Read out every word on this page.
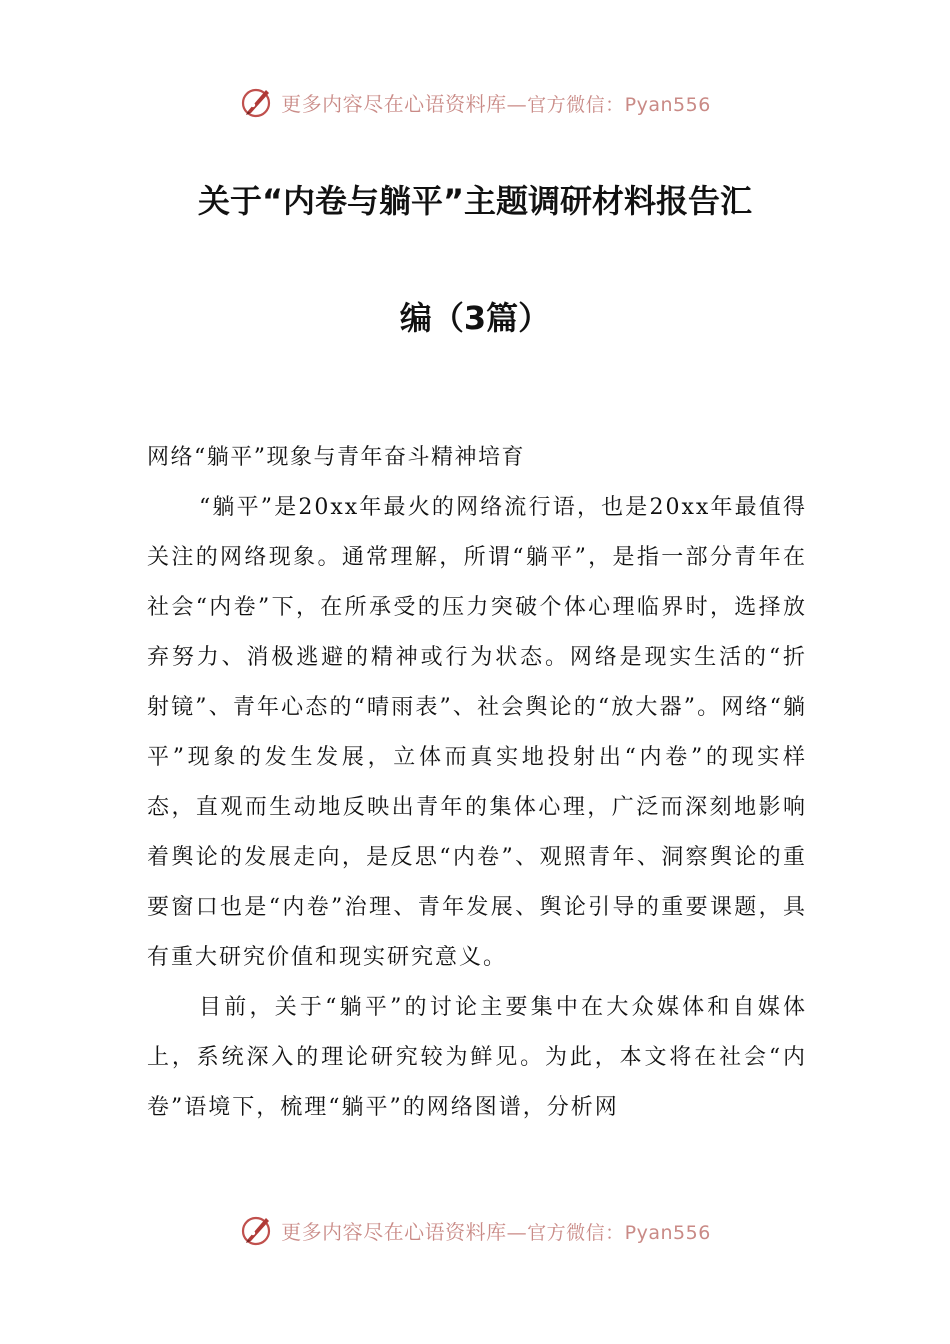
更多内容尽在心语资料库—官方微信：Pyan556
关于“内卷与躺平”主题调研材料报告汇
编（3篇）

网络“躺平”现象与青年奋斗精神培育

“躺平”是20xx年最火的网络流行语，也是20xx年最值得关注的网络现象。通常理解，所谓“躺平”，是指一部分青年在社会“内卷”下，在所承受的压力突破个体心理临界时，选择放弃努力、消极逃避的精神或行为状态。网络是现实生活的“折射镜”、青年心态的“晴雨表”、社会舆论的“放大器”。网络“躺平”现象的发生发展，立体而真实地投射出“内卷”的现实样态，直观而生动地反映出青年的集体心理，广泛而深刻地影响着舆论的发展走向，是反思“内卷”、观照青年、洞察舆论的重要窗口也是“内卷”治理、青年发展、舆论引导的重要课题，具有重大研究价值和现实研究意义。

目前，关于“躺平”的讨论主要集中在大众媒体和自媒体上，系统深入的理论研究较为鲜见。为此，本文将在社会“内卷”语境下，梳理“躺平”的网络图谱，分析网

更多内容尽在心语资料库—官方微信：Pyan556
